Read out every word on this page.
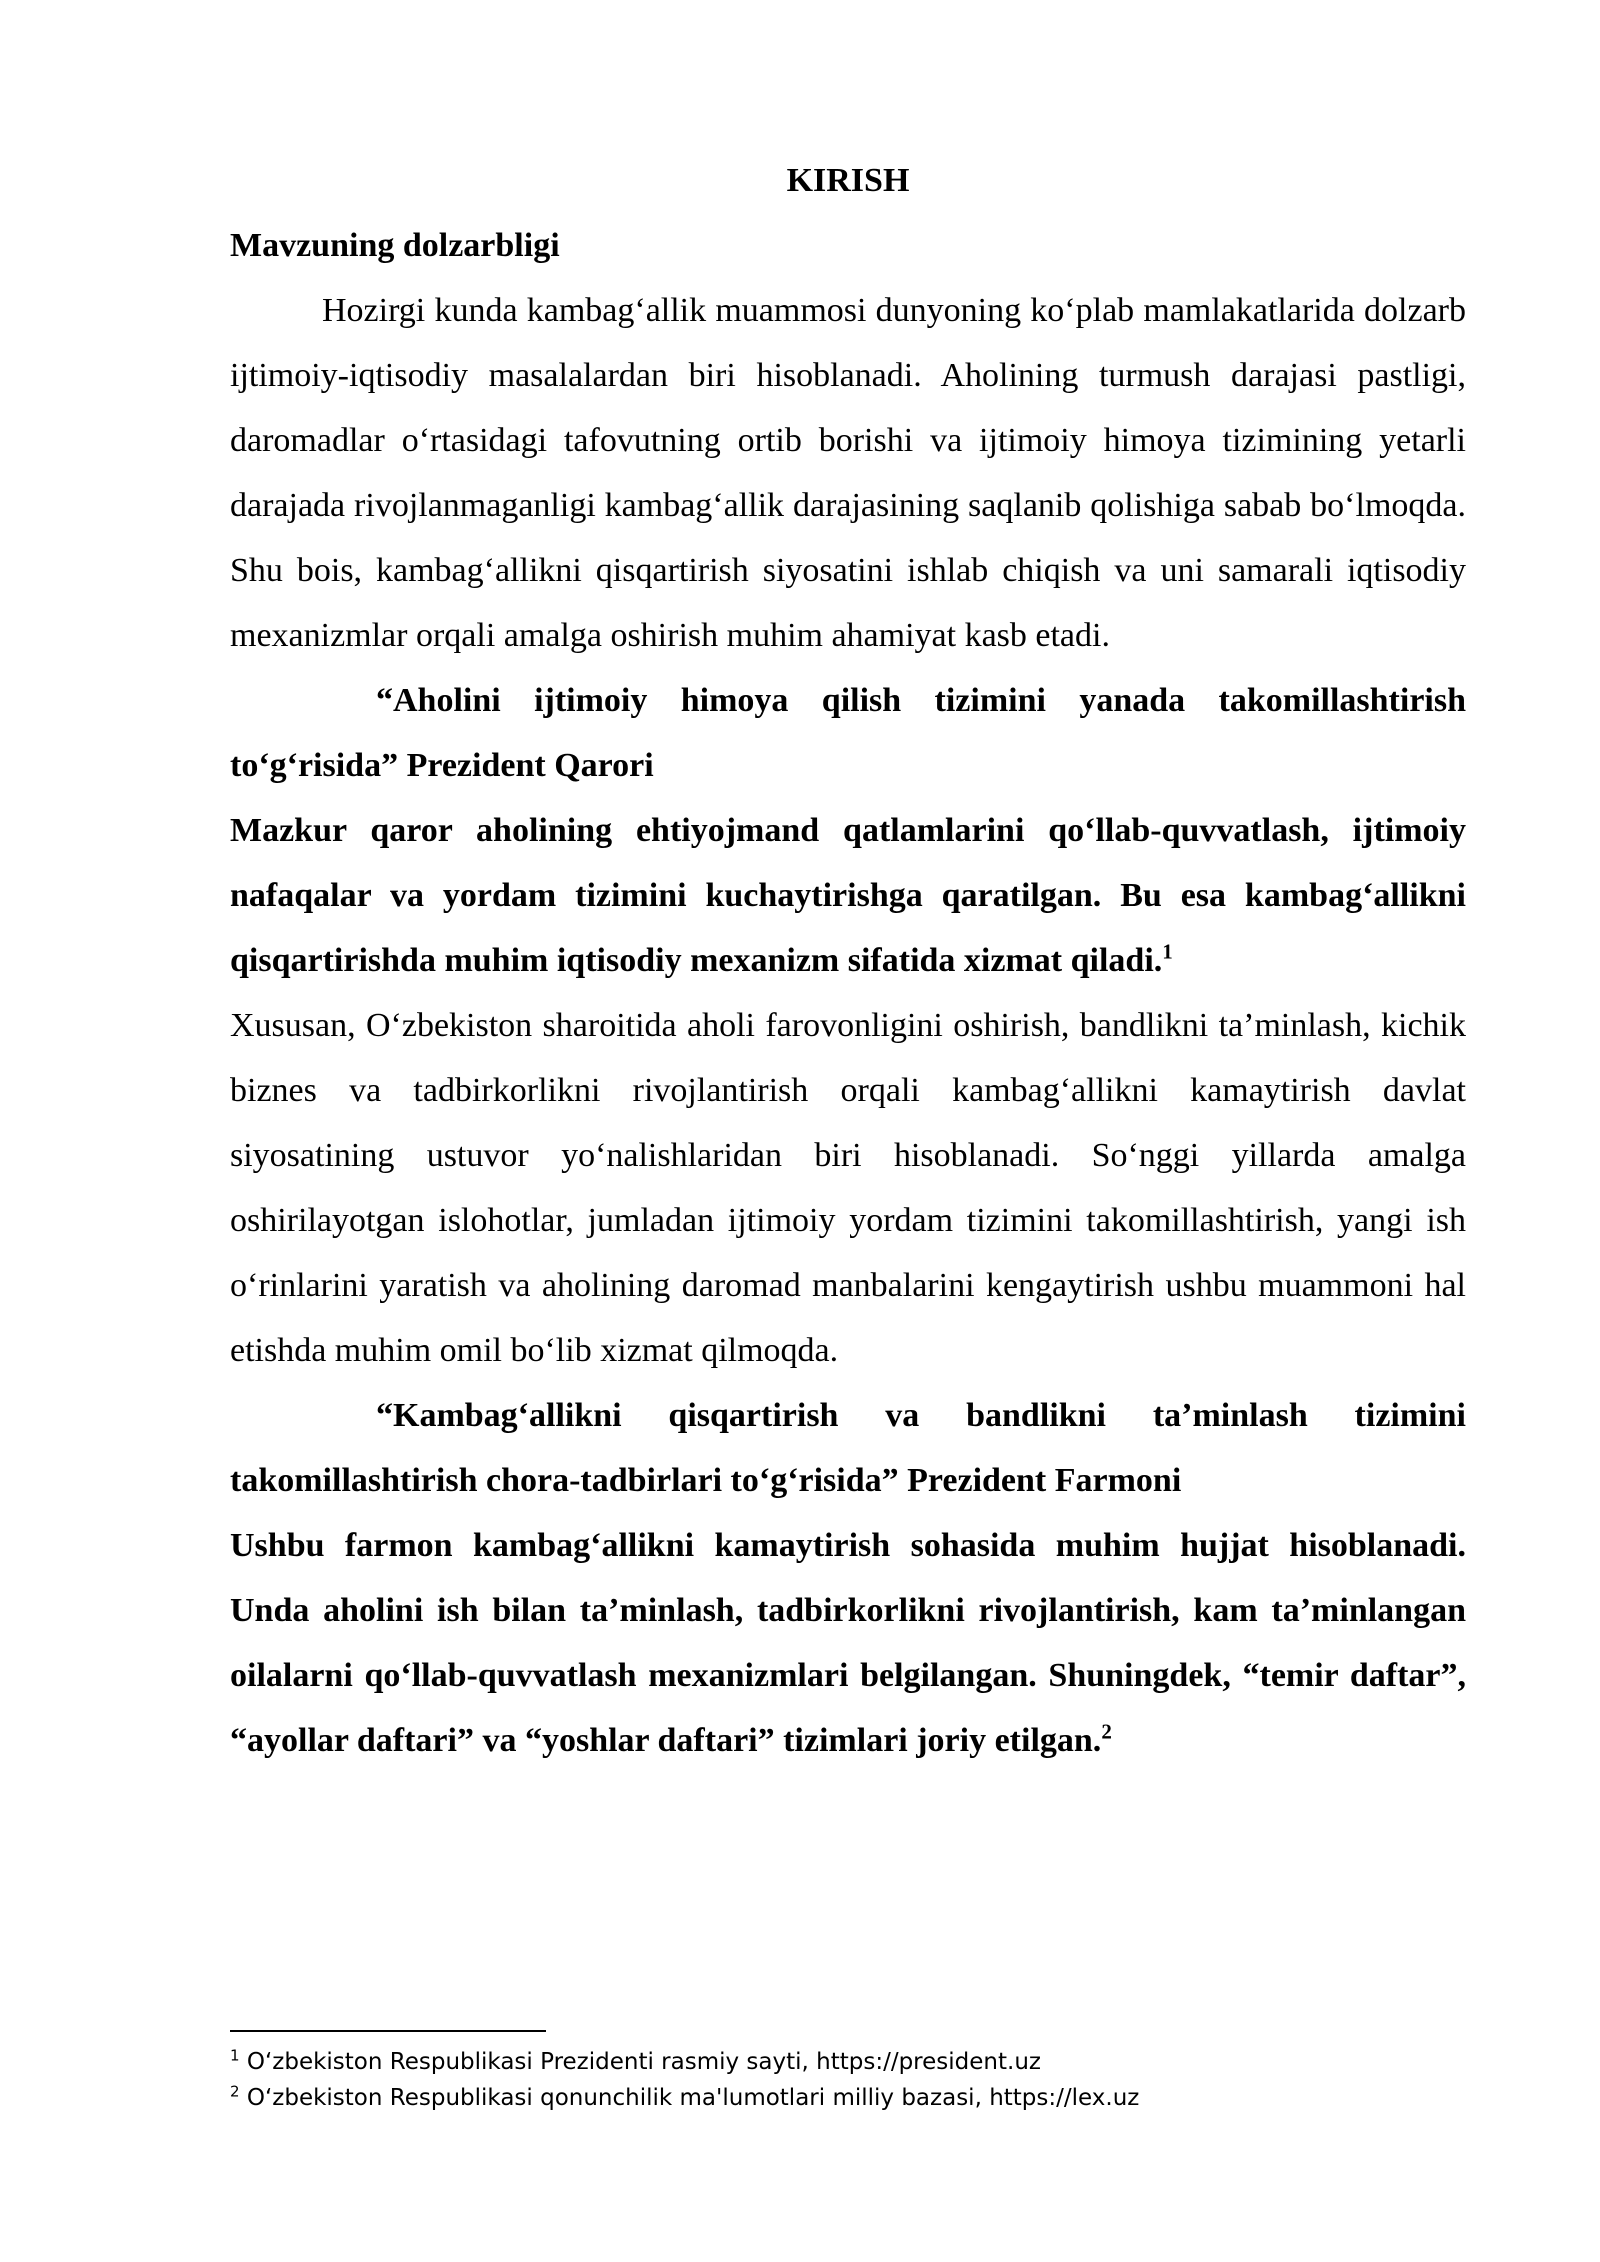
KIRISH

Mavzuning dolzarbligi

Hozirgi kunda kambag‘allik muammosi dunyoning ko‘plab mamlakatlarida dolzarb ijtimoiy-iqtisodiy masalalardan biri hisoblanadi. Aholining turmush darajasi pastligi, daromadlar o‘rtasidagi tafovutning ortib borishi va ijtimoiy himoya tizimining yetarli darajada rivojlanmaganligi kambag‘allik darajasining saqlanib qolishiga sabab bo‘lmoqda. Shu bois, kambag‘allikni qisqartirish siyosatini ishlab chiqish va uni samarali iqtisodiy mexanizmlar orqali amalga oshirish muhim ahamiyat kasb etadi.

“Aholini ijtimoiy himoya qilish tizimini yanada takomillashtirish to‘g‘risida” Prezident Qarori

Mazkur qaror aholining ehtiyojmand qatlamlarini qo‘llab-quvvatlash, ijtimoiy nafaqalar va yordam tizimini kuchaytirishga qaratilgan. Bu esa kambag‘allikni qisqartirishda muhim iqtisodiy mexanizm sifatida xizmat qiladi.$^1$

Xususan, O‘zbekiston sharoitida aholi farovonligini oshirish, bandlikni ta’minlash, kichik biznes va tadbirkorlikni rivojlantirish orqali kambag‘allikni kamaytirish davlat siyosatining ustuvor yo‘nalishlaridan biri hisoblanadi. So‘nggi yillarda amalga oshirilayotgan islohotlar, jumladan ijtimoiy yordam tizimini takomillashtirish, yangi ish o‘rinlarini yaratish va aholining daromad manbalarini kengaytirish ushbu muammoni hal etishda muhim omil bo‘lib xizmat qilmoqda.

“Kambag‘allikni qisqartirish va bandlikni ta’minlash tizimini takomillashtirish chora-tadbirlari to‘g‘risida” Prezident Farmoni

Ushbu farmon kambag‘allikni kamaytirish sohasida muhim hujjat hisoblanadi. Unda aholini ish bilan ta’minlash, tadbirkorlikni rivojlantirish, kam ta’minlangan oilalarni qo‘llab-quvvatlash mexanizmlari belgilangan. Shuningdek, “temir daftar”, “ayollar daftari” va “yoshlar daftari” tizimlari joriy etilgan.$^2$

$^1$ O‘zbekiston Respublikasi Prezidenti rasmiy sayti, https://president.uz

$^2$ O‘zbekiston Respublikasi qonunchilik ma'lumotlari milliy bazasi, https://lex.uz
